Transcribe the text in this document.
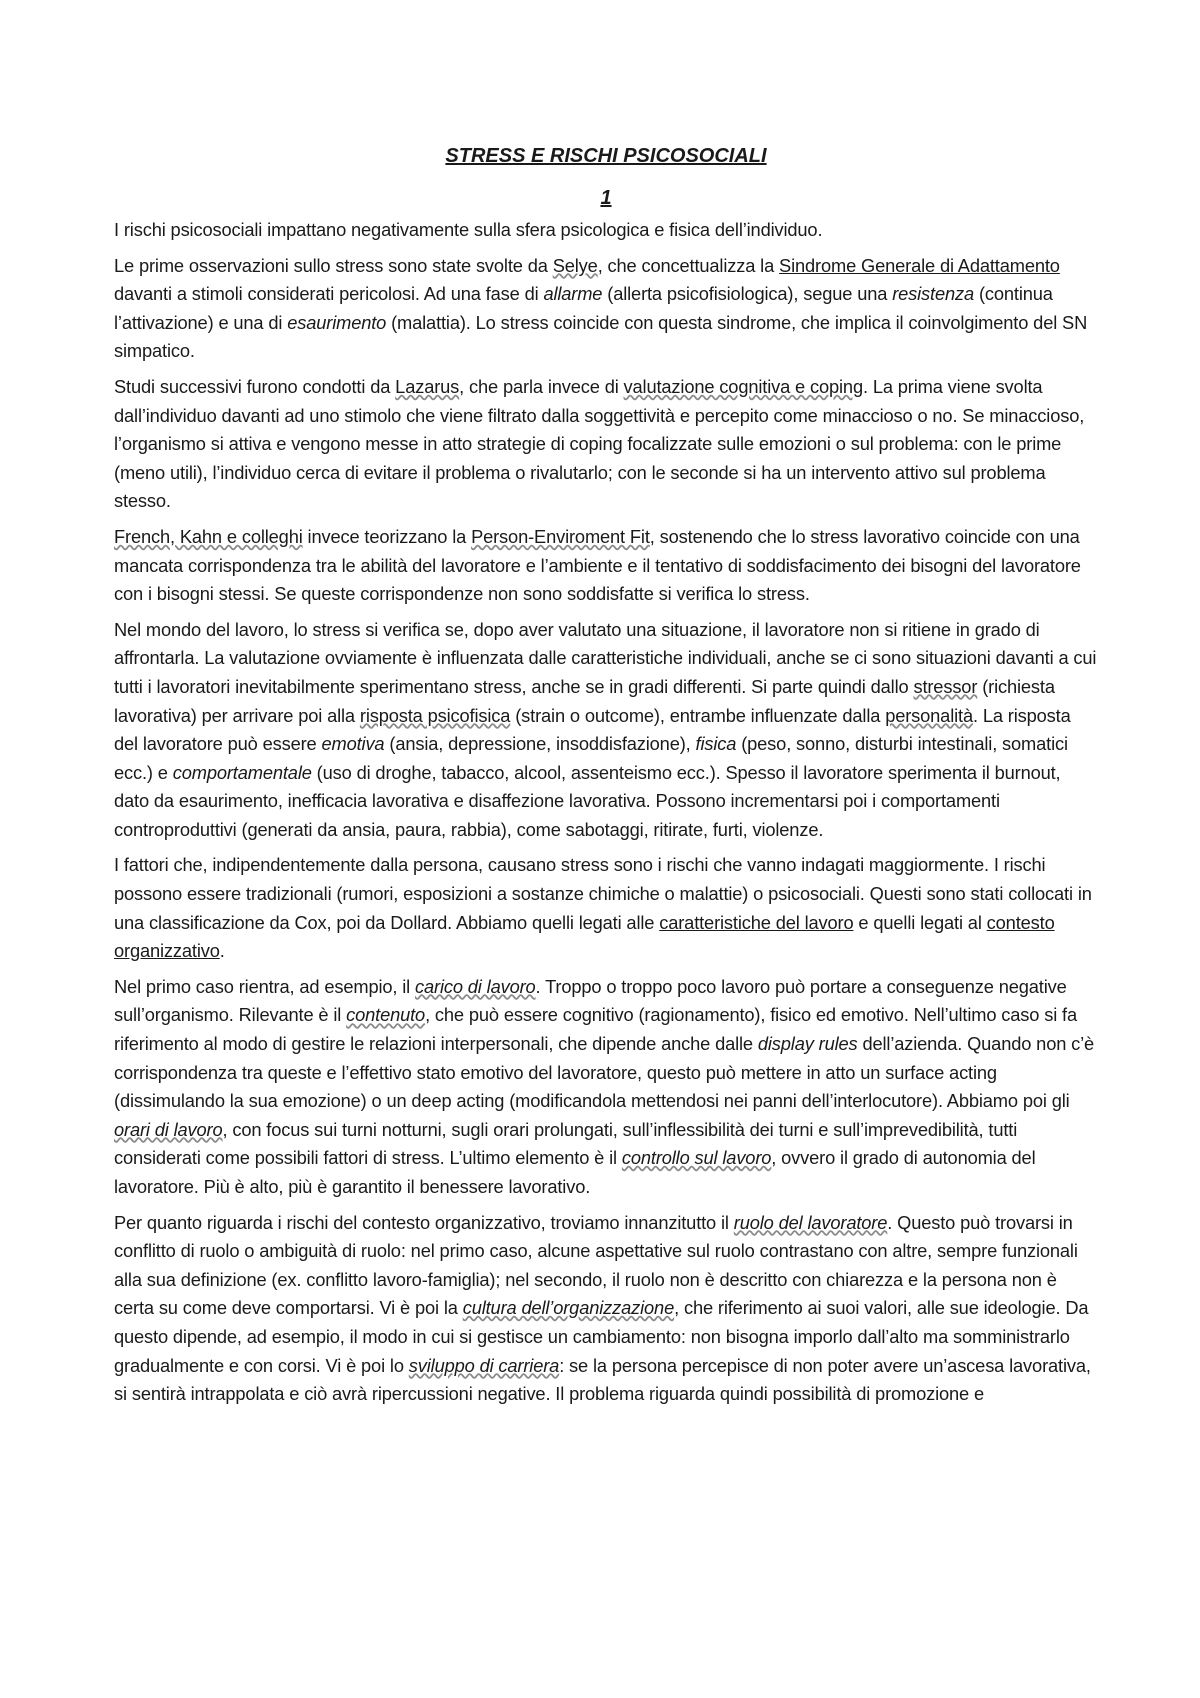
STRESS E RISCHI PSICOSOCIALI
1

I rischi psicosociali impattano negativamente sulla sfera psicologica e fisica dell’individuo.

Le prime osservazioni sullo stress sono state svolte da Selye, che concettualizza la Sindrome Generale di Adattamento davanti a stimoli considerati pericolosi. Ad una fase di allarme (allerta psicofisiologica), segue una resistenza (continua l’attivazione) e una di esaurimento (malattia). Lo stress coincide con questa sindrome, che implica il coinvolgimento del SN simpatico.

Studi successivi furono condotti da Lazarus, che parla invece di valutazione cognitiva e coping. La prima viene svolta dall’individuo davanti ad uno stimolo che viene filtrato dalla soggettività e percepito come minaccioso o no. Se minaccioso, l’organismo si attiva e vengono messe in atto strategie di coping focalizzate sulle emozioni o sul problema: con le prime (meno utili), l’individuo cerca di evitare il problema o rivalutarlo; con le seconde si ha un intervento attivo sul problema stesso.

French, Kahn e colleghi invece teorizzano la Person-Enviroment Fit, sostenendo che lo stress lavorativo coincide con una mancata corrispondenza tra le abilità del lavoratore e l’ambiente e il tentativo di soddisfacimento dei bisogni del lavoratore con i bisogni stessi. Se queste corrispondenze non sono soddisfatte si verifica lo stress.

Nel mondo del lavoro, lo stress si verifica se, dopo aver valutato una situazione, il lavoratore non si ritiene in grado di affrontarla. La valutazione ovviamente è influenzata dalle caratteristiche individuali, anche se ci sono situazioni davanti a cui tutti i lavoratori inevitabilmente sperimentano stress, anche se in gradi differenti. Si parte quindi dallo stressor (richiesta lavorativa) per arrivare poi alla risposta psicofisica (strain o outcome), entrambe influenzate dalla personalità. La risposta del lavoratore può essere emotiva (ansia, depressione, insoddisfazione), fisica (peso, sonno, disturbi intestinali, somatici ecc.) e comportamentale (uso di droghe, tabacco, alcool, assenteismo ecc.). Spesso il lavoratore sperimenta il burnout, dato da esaurimento, inefficacia lavorativa e disaffezione lavorativa. Possono incrementarsi poi i comportamenti controproduttivi (generati da ansia, paura, rabbia), come sabotaggi, ritirate, furti, violenze.

I fattori che, indipendentemente dalla persona, causano stress sono i rischi che vanno indagati maggiormente. I rischi possono essere tradizionali (rumori, esposizioni a sostanze chimiche o malattie) o psicosociali. Questi sono stati collocati in una classificazione da Cox, poi da Dollard. Abbiamo quelli legati alle caratteristiche del lavoro e quelli legati al contesto organizzativo.

Nel primo caso rientra, ad esempio, il carico di lavoro. Troppo o troppo poco lavoro può portare a conseguenze negative sull’organismo. Rilevante è il contenuto, che può essere cognitivo (ragionamento), fisico ed emotivo. Nell’ultimo caso si fa riferimento al modo di gestire le relazioni interpersonali, che dipende anche dalle display rules dell’azienda. Quando non c’è corrispondenza tra queste e l’effettivo stato emotivo del lavoratore, questo può mettere in atto un surface acting (dissimulando la sua emozione) o un deep acting (modificandola mettendosi nei panni dell’interlocutore). Abbiamo poi gli orari di lavoro, con focus sui turni notturni, sugli orari prolungati, sull’inflessibilità dei turni e sull’imprevedibilità, tutti considerati come possibili fattori di stress. L’ultimo elemento è il controllo sul lavoro, ovvero il grado di autonomia del lavoratore. Più è alto, più è garantito il benessere lavorativo.

Per quanto riguarda i rischi del contesto organizzativo, troviamo innanzitutto il ruolo del lavoratore. Questo può trovarsi in conflitto di ruolo o ambiguità di ruolo: nel primo caso, alcune aspettative sul ruolo contrastano con altre, sempre funzionali alla sua definizione (ex. conflitto lavoro-famiglia); nel secondo, il ruolo non è descritto con chiarezza e la persona non è certa su come deve comportarsi. Vi è poi la cultura dell’organizzazione, che riferimento ai suoi valori, alle sue ideologie. Da questo dipende, ad esempio, il modo in cui si gestisce un cambiamento: non bisogna imporlo dall’alto ma somministrarlo gradualmente e con corsi. Vi è poi lo sviluppo di carriera: se la persona percepisce di non poter avere un’ascesa lavorativa, si sentirà intrappolata e ciò avrà ripercussioni negative. Il problema riguarda quindi possibilità di promozione e
